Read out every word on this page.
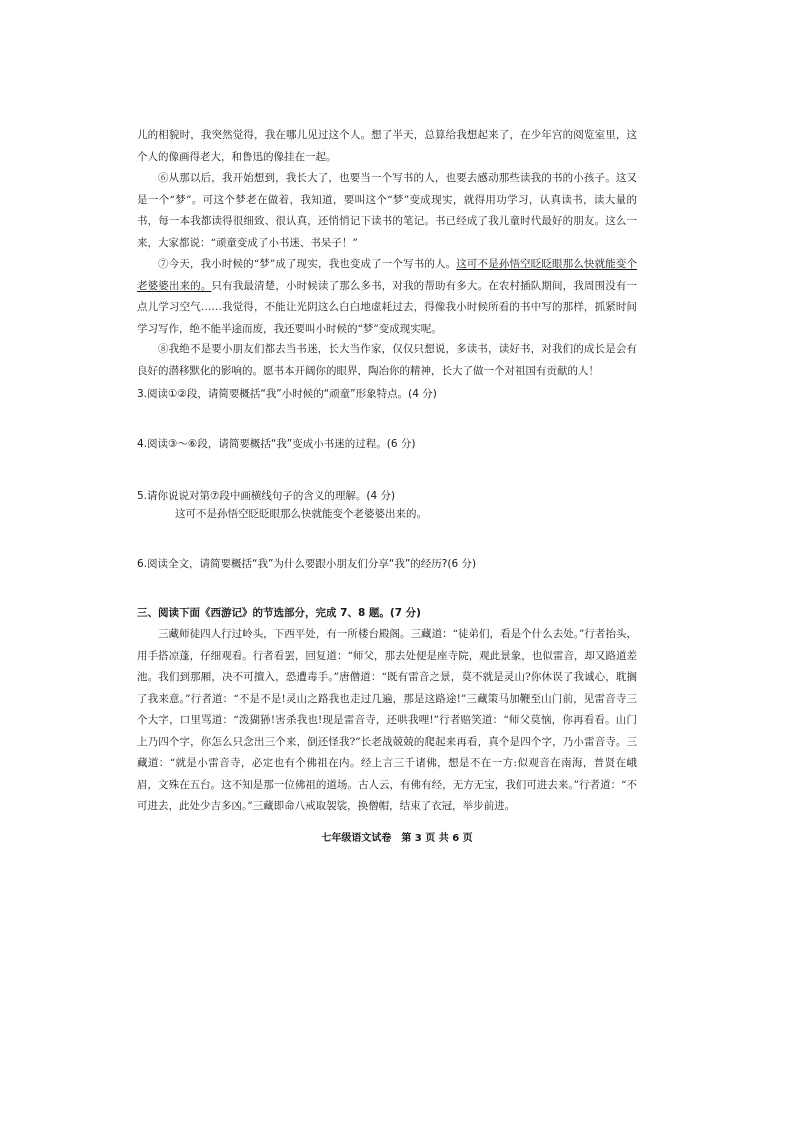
儿的相貌时，我突然觉得，我在哪儿见过这个人。想了半天，总算给我想起来了，在少年宫的阅览室里，这个人的像画得老大，和鲁迅的像挂在一起。

⑥从那以后，我开始想到，我长大了，也要当一个写书的人，也要去感动那些读我的书的小孩子。这又是一个“梦”。可这个梦老在做着，我知道，要叫这个“梦”变成现实，就得用功学习，认真读书，读大量的书，每一本我都读得很细致、很认真，还悄悄记下读书的笔记。书已经成了我儿童时代最好的朋友。这么一来，大家都说：“顽童变成了小书迷、书呆子！”

⑦今天，我小时候的“梦”成了现实，我也变成了一个写书的人。这可不是孙悟空眨眨眼那么快就能变个老婆婆出来的。只有我最清楚，小时候读了那么多书，对我的帮助有多大。在农村插队期间，我周围没有一点儿学习空气……我觉得，不能让光阴这么白白地虚耗过去，得像我小时候所看的书中写的那样，抓紧时间学习写作，绝不能半途而废，我还要叫小时候的“梦”变成现实呢。

⑧我绝不是要小朋友们都去当书迷，长大当作家，仅仅只想说，多读书，读好书，对我们的成长是会有良好的潜移默化的影响的。愿书本开阔你的眼界，陶冶你的精神，长大了做一个对祖国有贡献的人！

3.阅读①②段，请简要概括“我”小时候的“顽童”形象特点。(4 分)

4.阅读③～⑥段，请简要概括“我”变成小书迷的过程。(6 分)

5.请你说说对第⑦段中画横线句子的含义的理解。(4 分)

这可不是孙悟空眨眨眼那么快就能变个老婆婆出来的。

6.阅读全文，请简要概括“我”为什么要跟小朋友们分享“我”的经历?(6 分)

三、阅读下面《西游记》的节选部分，完成 7、8 题。(7 分)

三藏师徒四人行过岭头，下西平处，有一所楼台殿阁。三藏道：“徒弟们，看是个什么去处。”行者抬头，用手搭凉蓬，仔细观看。行者看罢，回复道：“师父，那去处便是座寺院，观此景象，也似雷音，却又路道差池。我们到那厢，决不可擅入，恐遭毒手。”唐僧道：“既有雷音之景，莫不就是灵山?你休误了我诚心，耽搁了我来意。”行者道：“不是不是!灵山之路我也走过几遍，那是这路途!”三藏策马加鞭至山门前，见雷音寺三个大字，口里骂道：“泼猢狲!害杀我也!现是雷音寺，还哄我哩!”行者赔笑道：“师父莫恼，你再看看。山门上乃四个字，你怎么只念出三个来，倒还怪我?”长老战兢兢的爬起来再看，真个是四个字，乃小雷音寺。三藏道：“就是小雷音寺，必定也有个佛祖在内。经上言三千诸佛，想是不在一方:似观音在南海，普贤在峨眉，文殊在五台。这不知是那一位佛祖的道场。古人云，有佛有经，无方无宝，我们可进去来。”行者道：“不可进去，此处少吉多凶。”三藏即命八戒取袈裟，换僧帽，结束了衣冠，举步前进。

七年级语文试卷　第 3 页 共 6 页
